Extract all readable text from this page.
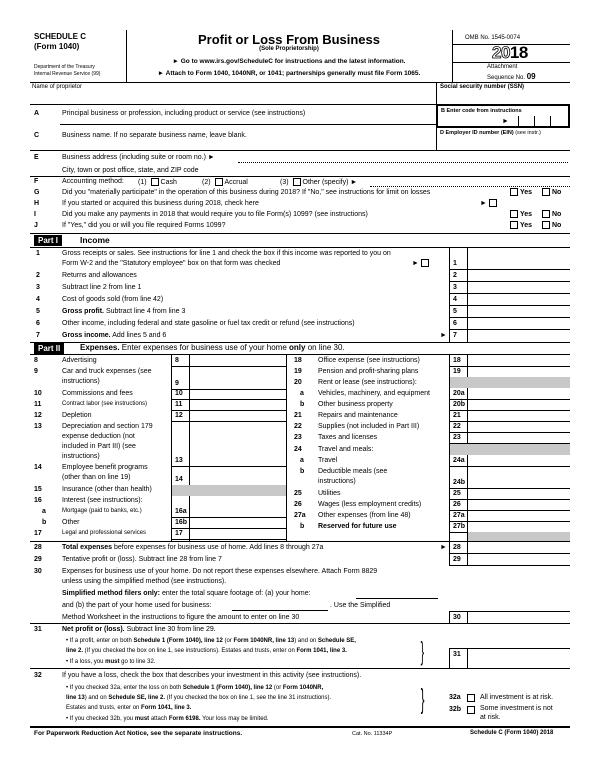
SCHEDULE C
(Form 1040)
Department of the Treasury
Internal Revenue Service (99)
Profit or Loss From Business
(Sole Proprietorship)
► Go to www.irs.gov/ScheduleC for instructions and the latest information.
► Attach to Form 1040, 1040NR, or 1041; partnerships generally must file Form 1065.
OMB No. 1545-0074
2018
Attachment
Sequence No. 09
Name of proprietor	Social security number (SSN)
A	Principal business or profession, including product or service (see instructions)	B Enter code from instructions
►
C	Business name. If no separate business name, leave blank.	D Employer ID number (EIN) (see instr.)
E	Business address (including suite or room no.) ►
City, town or post office, state, and ZIP code
F	Accounting method: (1) Cash	(2) Accrual	(3) Other (specify) ►
G	Did you "materially participate" in the operation of this business during 2018? If "No," see instructions for limit on losses	Yes	No
H	If you started or acquired this business during 2018, check here	►
I	Did you make any payments in 2018 that would require you to file Form(s) 1099? (see instructions)	Yes	No
J	If "Yes," did you or will you file required Forms 1099?	Yes	No
Part I	Income
1	Gross receipts or sales. See instructions for line 1 and check the box if this income was reported to you on
Form W-2 and the "Statutory employee" box on that form was checked	►	1
2	Returns and allowances	2
3	Subtract line 2 from line 1	3
4	Cost of goods sold (from line 42)	4
5	Gross profit. Subtract line 4 from line 3	5
6	Other income, including federal and state gasoline or fuel tax credit or refund (see instructions)	6
7	Gross income. Add lines 5 and 6	► 7
Part II	Expenses. Enter expenses for business use of your home only on line 30.
8	Advertising	8
9	Car and truck expenses (see
instructions)	9
10	Commissions and fees	10
11	Contract labor (see instructions)	11
12	Depletion	12
13	Depreciation and section 179
expense deduction (not
included in Part III) (see
instructions)
13
14	Employee benefit programs
(other than on line 19)	14
15	Insurance (other than health)
16	Interest (see instructions):
a	Mortgage (paid to banks, etc.)	16a
b Other	16b
17	Legal and professional services	17
18 Office expense (see instructions)	18
19 Pension and profit-sharing plans	19
20 Rent or lease (see instructions):
a Vehicles, machinery, and equipment	20a
b Other business property	20b
21 Repairs and maintenance	21
22 Supplies (not included in Part III)	22
23 Taxes and licenses	23
24 Travel and meals:
a Travel	24a
b Deductible meals (see
instructions)	24b
25 Utilities	25
26 Wages (less employment credits)	26
27a Other expenses (from line 48)	27a
b Reserved for future use	27b
28	Total expenses before expenses for business use of home. Add lines 8 through 27a	► 28
29	Tentative profit or (loss). Subtract line 28 from line 7	29
30	Expenses for business use of your home. Do not report these expenses elsewhere. Attach Form 8829
unless using the simplified method (see instructions).
Simplified method filers only: enter the total square footage of: (a) your home:
and (b) the part of your home used for business:	. Use the Simplified
Method Worksheet in the instructions to figure the amount to enter on line 30	30
31	Net profit or (loss). Subtract line 30 from line 29.
• If a profit, enter on both Schedule 1 (Form 1040), line 12 (or Form 1040NR, line 13) and on Schedule SE,
line 2. (If you checked the box on line 1, see instructions). Estates and trusts, enter on Form 1041, line 3.
• If a loss, you must go to line 32.	}	31
32	If you have a loss, check the box that describes your investment in this activity (see instructions).
• If you checked 32a, enter the loss on both Schedule 1 (Form 1040), line 12 (or Form 1040NR,
line 13) and on Schedule SE, line 2. (If you checked the box on line 1, see the line 31 instructions).
Estates and trusts, enter on Form 1041, line 3.
• If you checked 32b, you must attach Form 6198. Your loss may be limited.
}	32a	All investment is at risk.
32b	Some investment is not
at risk.
For Paperwork Reduction Act Notice, see the separate instructions.	Cat. No. 11334P	Schedule C (Form 1040) 2018
